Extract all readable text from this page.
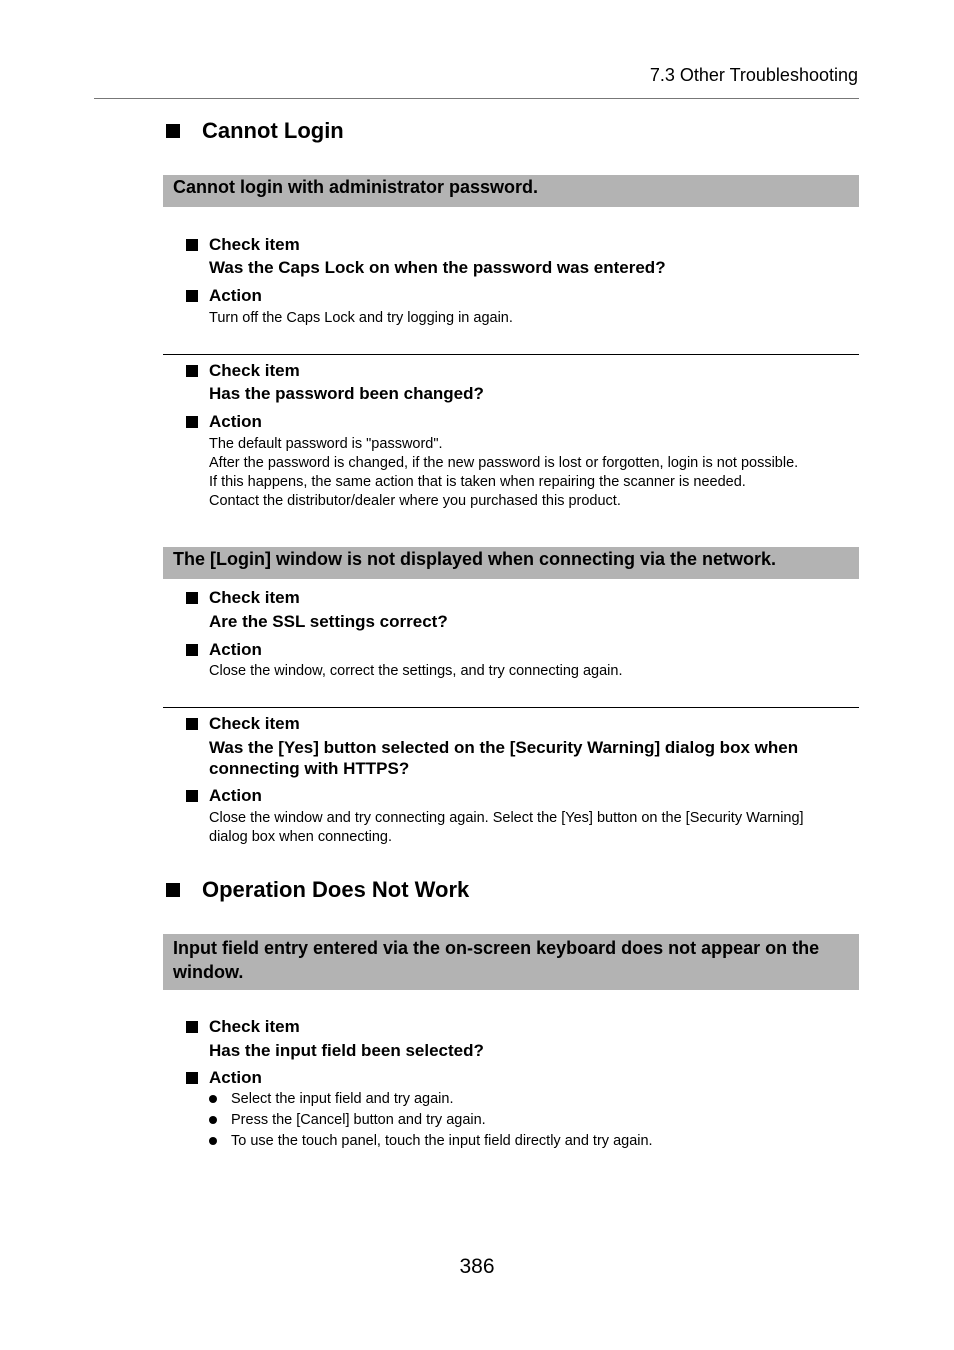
7.3 Other Troubleshooting
Cannot Login
Cannot login with administrator password.
Check item
Was the Caps Lock on when the password was entered?
Action
Turn off the Caps Lock and try logging in again.
Check item
Has the password been changed?
Action
The default password is "password".
After the password is changed, if the new password is lost or forgotten, login is not possible.
If this happens, the same action that is taken when repairing the scanner is needed.
Contact the distributor/dealer where you purchased this product.
The [Login] window is not displayed when connecting via the network.
Check item
Are the SSL settings correct?
Action
Close the window, correct the settings, and try connecting again.
Check item
Was the [Yes] button selected on the [Security Warning] dialog box when connecting with HTTPS?
Action
Close the window and try connecting again. Select the [Yes] button on the [Security Warning] dialog box when connecting.
Operation Does Not Work
Input field entry entered via the on-screen keyboard does not appear on the window.
Check item
Has the input field been selected?
Action
Select the input field and try again.
Press the [Cancel] button and try again.
To use the touch panel, touch the input field directly and try again.
386
